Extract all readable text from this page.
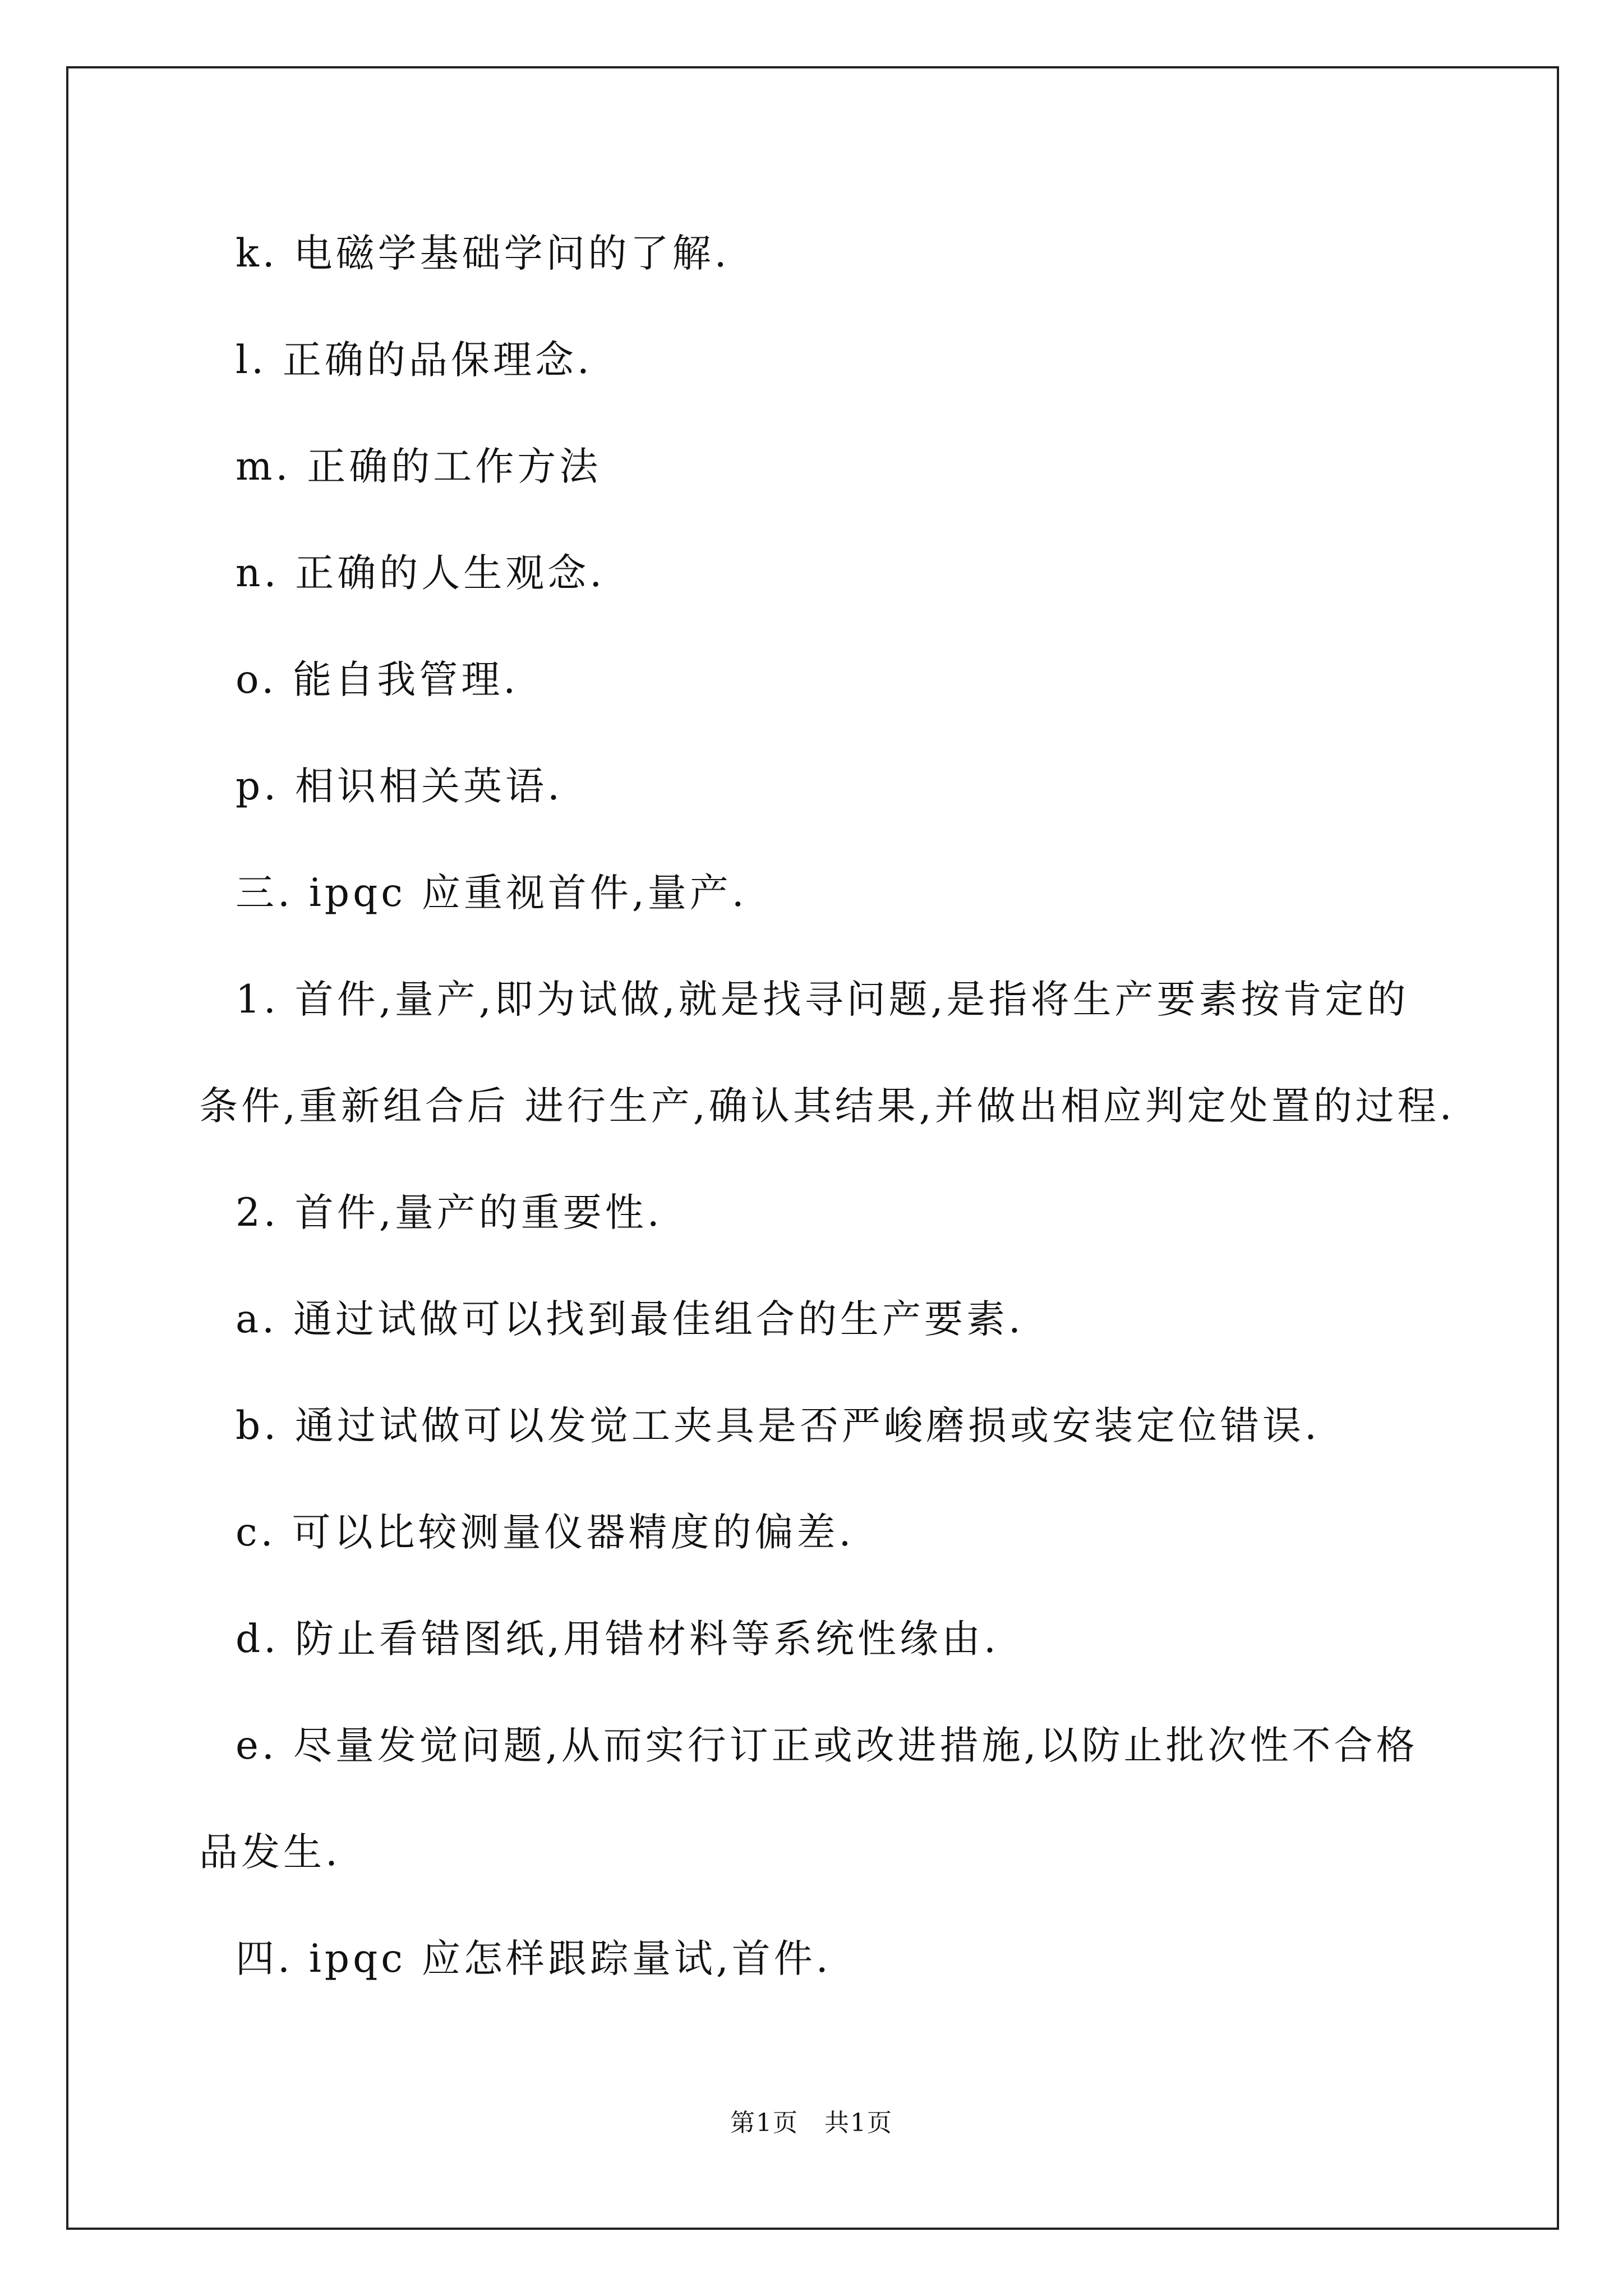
k. 电磁学基础学问的了解.
l. 正确的品保理念.
m. 正确的工作方法
n. 正确的人生观念.
o. 能自我管理.
p. 相识相关英语.
三. ipqc 应重视首件,量产.
1. 首件,量产,即为试做,就是找寻问题,是指将生产要素按肯定的
条件,重新组合后 进行生产,确认其结果,并做出相应判定处置的过程.
2. 首件,量产的重要性.
a. 通过试做可以找到最佳组合的生产要素.
b. 通过试做可以发觉工夹具是否严峻磨损或安装定位错误.
c. 可以比较测量仪器精度的偏差.
d. 防止看错图纸,用错材料等系统性缘由.
e. 尽量发觉问题,从而实行订正或改进措施,以防止批次性不合格
品发生.
四. ipqc 应怎样跟踪量试,首件.
第1页　共1页
